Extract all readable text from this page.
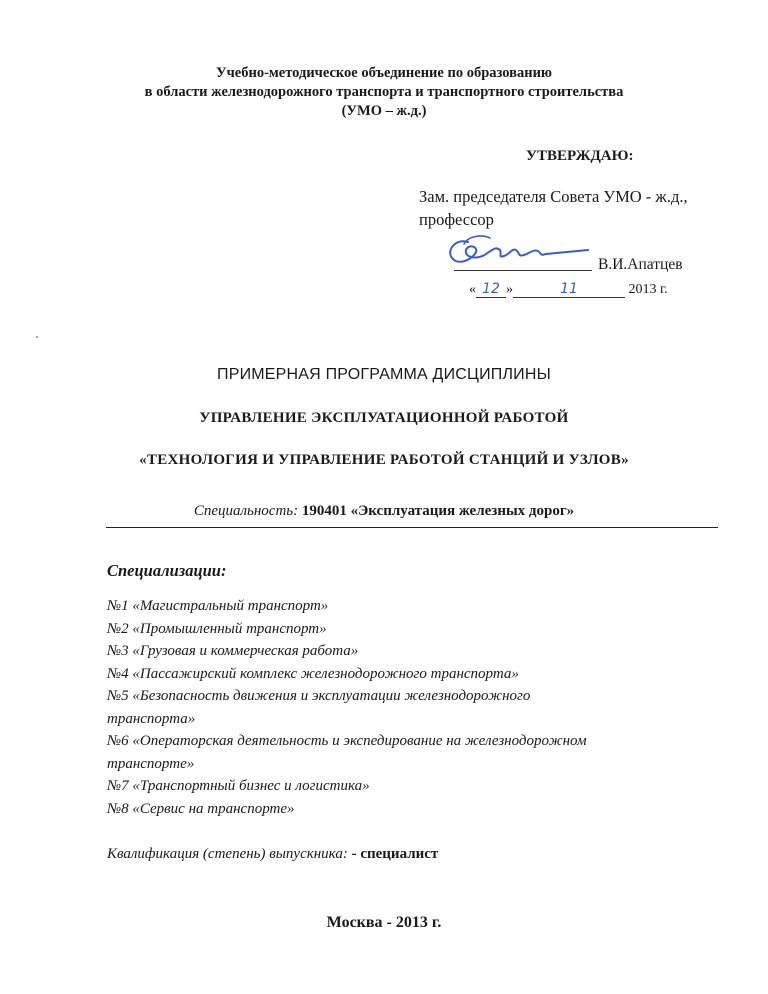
Учебно-методическое объединение по образованию
в области железнодорожного транспорта и транспортного строительства
(УМО – ж.д.)
УТВЕРЖДАЮ:
Зам. председателя Совета УМО - ж.д.,
профессор
В.И.Апатцев
« 12 »	11	2013 г.
ПРИМЕРНАЯ ПРОГРАММА ДИСЦИПЛИНЫ
УПРАВЛЕНИЕ ЭКСПЛУАТАЦИОННОЙ РАБОТОЙ
«ТЕХНОЛОГИЯ И УПРАВЛЕНИЕ РАБОТОЙ СТАНЦИЙ И УЗЛОВ»
Специальность: 190401 «Эксплуатация железных дорог»
Специализации:
№1 «Магистральный транспорт»
№2 «Промышленный транспорт»
№3 «Грузовая и коммерческая работа»
№4 «Пассажирский комплекс железнодорожного транспорта»
№5 «Безопасность движения и эксплуатации железнодорожного
транспорта»
№6 «Операторская деятельность и экспедирование на железнодорожном
транспорте»
№7 «Транспортный бизнес и логистика»
№8 «Сервис на транспорте»
Квалификация (степень) выпускника: - специалист
Москва - 2013 г.
